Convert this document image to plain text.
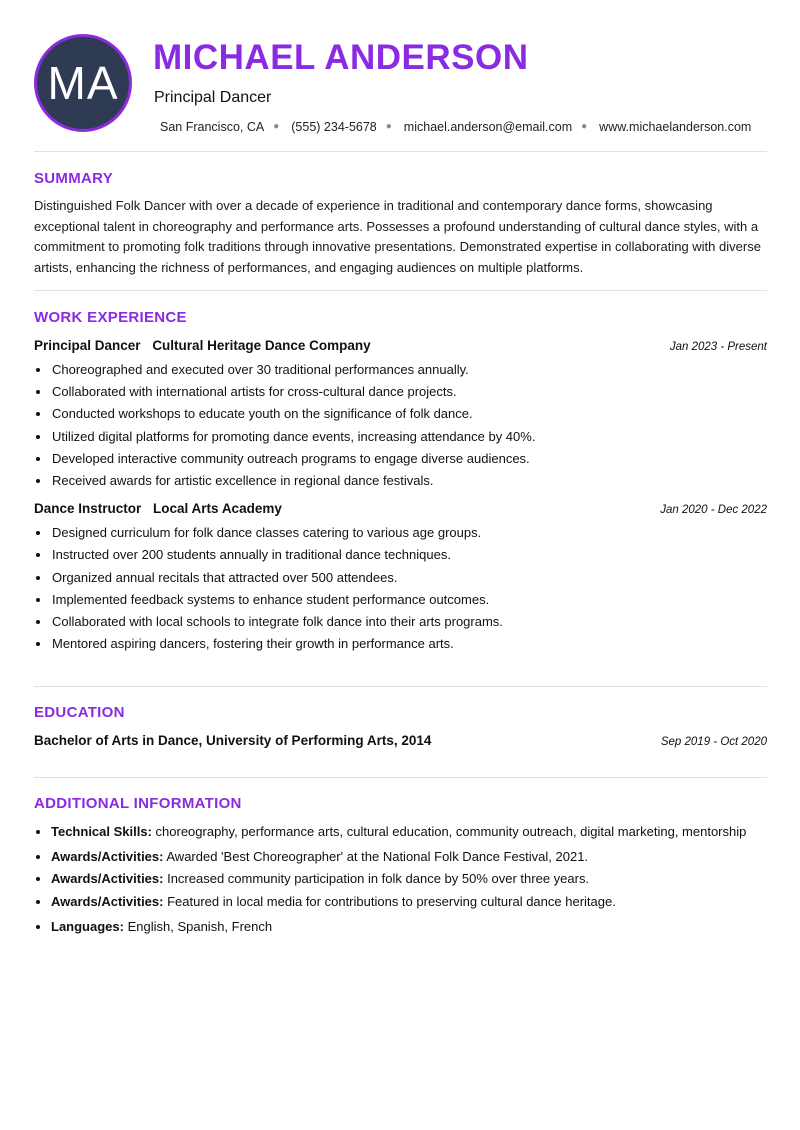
MA MICHAEL ANDERSON
Principal Dancer
San Francisco, CA ● (555) 234-5678 ● michael.anderson@email.com ● www.michaelanderson.com
SUMMARY
Distinguished Folk Dancer with over a decade of experience in traditional and contemporary dance forms, showcasing exceptional talent in choreography and performance arts. Possesses a profound understanding of cultural dance styles, with a commitment to promoting folk traditions through innovative presentations. Demonstrated expertise in collaborating with diverse artists, enhancing the richness of performances, and engaging audiences on multiple platforms.
WORK EXPERIENCE
Principal Dancer Cultural Heritage Dance Company	Jan 2023 - Present
• Choreographed and executed over 30 traditional performances annually.
• Collaborated with international artists for cross-cultural dance projects.
• Conducted workshops to educate youth on the significance of folk dance.
• Utilized digital platforms for promoting dance events, increasing attendance by 40%.
• Developed interactive community outreach programs to engage diverse audiences.
• Received awards for artistic excellence in regional dance festivals.
Dance Instructor Local Arts Academy	Jan 2020 - Dec 2022
• Designed curriculum for folk dance classes catering to various age groups.
• Instructed over 200 students annually in traditional dance techniques.
• Organized annual recitals that attracted over 500 attendees.
• Implemented feedback systems to enhance student performance outcomes.
• Collaborated with local schools to integrate folk dance into their arts programs.
• Mentored aspiring dancers, fostering their growth in performance arts.
EDUCATION
Bachelor of Arts in Dance, University of Performing Arts, 2014	Sep 2019 - Oct 2020
ADDITIONAL INFORMATION
• Technical Skills: choreography, performance arts, cultural education, community outreach, digital marketing, mentorship
• Awards/Activities: Awarded 'Best Choreographer' at the National Folk Dance Festival, 2021.
• Awards/Activities: Increased community participation in folk dance by 50% over three years.
• Awards/Activities: Featured in local media for contributions to preserving cultural dance heritage.
• Languages: English, Spanish, French
